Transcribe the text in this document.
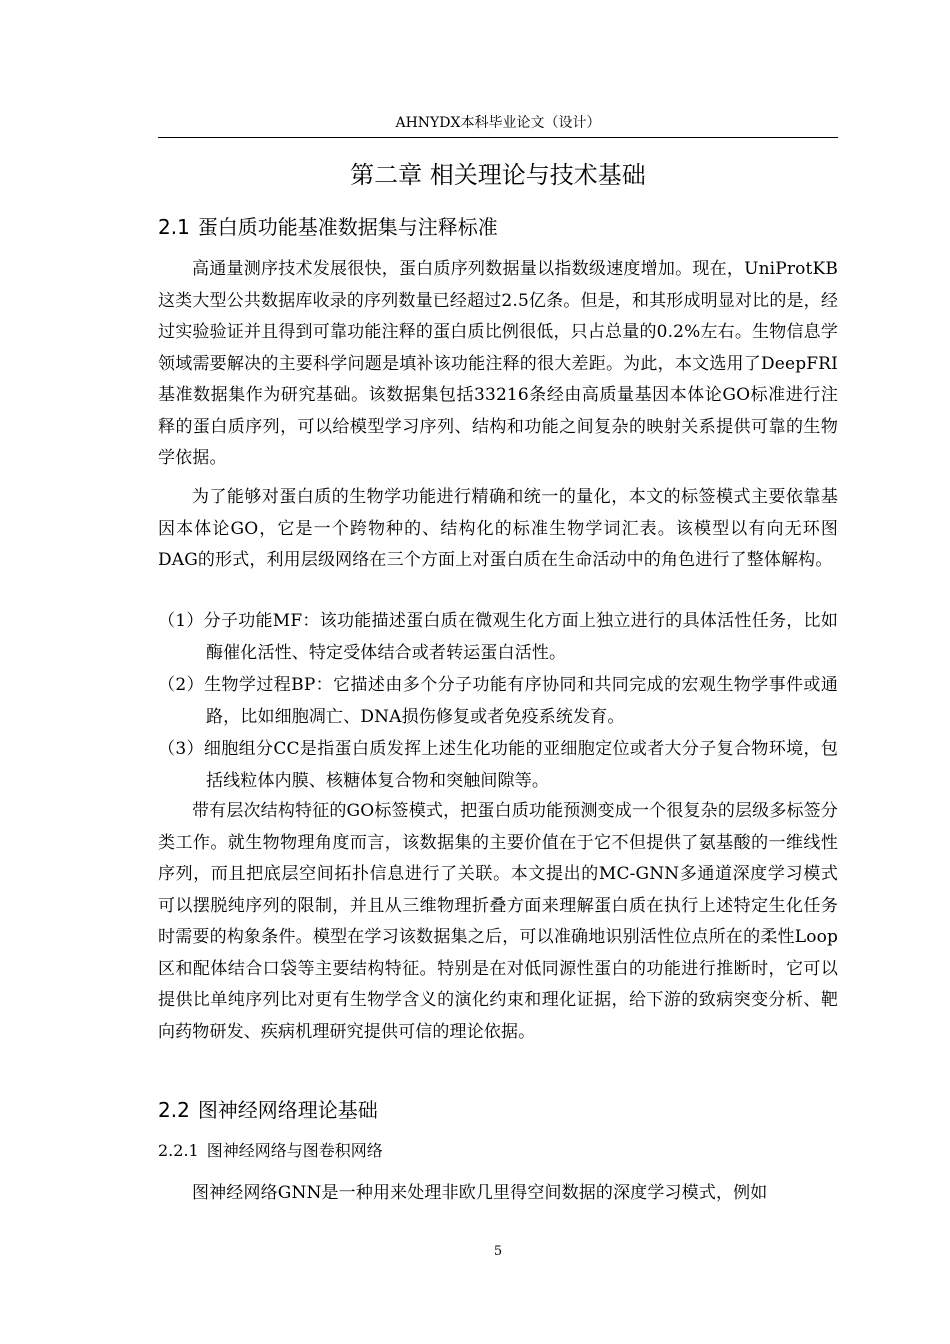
AHNYDX本科毕业论文（设计）
第二章 相关理论与技术基础
2.1 蛋白质功能基准数据集与注释标准

高通量测序技术发展很快，蛋白质序列数据量以指数级速度增加。现在，UniProtKB这类大型公共数据库收录的序列数量已经超过2.5亿条。但是，和其形成明显对比的是，经过实验验证并且得到可靠功能注释的蛋白质比例很低，只占总量的0.2%左右。生物信息学领域需要解决的主要科学问题是填补该功能注释的很大差距。为此，本文选用了DeepFRI基准数据集作为研究基础。该数据集包括33216条经由高质量基因本体论GO标准进行注释的蛋白质序列，可以给模型学习序列、结构和功能之间复杂的映射关系提供可靠的生物学依据。

为了能够对蛋白质的生物学功能进行精确和统一的量化，本文的标签模式主要依靠基因本体论GO，它是一个跨物种的、结构化的标准生物学词汇表。该模型以有向无环图DAG的形式，利用层级网络在三个方面上对蛋白质在生命活动中的角色进行了整体解构。

（1）分子功能MF：该功能描述蛋白质在微观生化方面上独立进行的具体活性任务，比如酶催化活性、特定受体结合或者转运蛋白活性。

（2）生物学过程BP：它描述由多个分子功能有序协同和共同完成的宏观生物学事件或通路，比如细胞凋亡、DNA损伤修复或者免疫系统发育。

（3）细胞组分CC是指蛋白质发挥上述生化功能的亚细胞定位或者大分子复合物环境，包括线粒体内膜、核糖体复合物和突触间隙等。

带有层次结构特征的GO标签模式，把蛋白质功能预测变成一个很复杂的层级多标签分类工作。就生物物理角度而言，该数据集的主要价值在于它不但提供了氨基酸的一维线性序列，而且把底层空间拓扑信息进行了关联。本文提出的MC-GNN多通道深度学习模式可以摆脱纯序列的限制，并且从三维物理折叠方面来理解蛋白质在执行上述特定生化任务时需要的构象条件。模型在学习该数据集之后，可以准确地识别活性位点所在的柔性Loop区和配体结合口袋等主要结构特征。特别是在对低同源性蛋白的功能进行推断时，它可以提供比单纯序列比对更有生物学含义的演化约束和理化证据，给下游的致病突变分析、靶向药物研发、疾病机理研究提供可信的理论依据。

2.2 图神经网络理论基础
2.2.1 图神经网络与图卷积网络

图神经网络GNN是一种用来处理非欧几里得空间数据的深度学习模式，例如

5
